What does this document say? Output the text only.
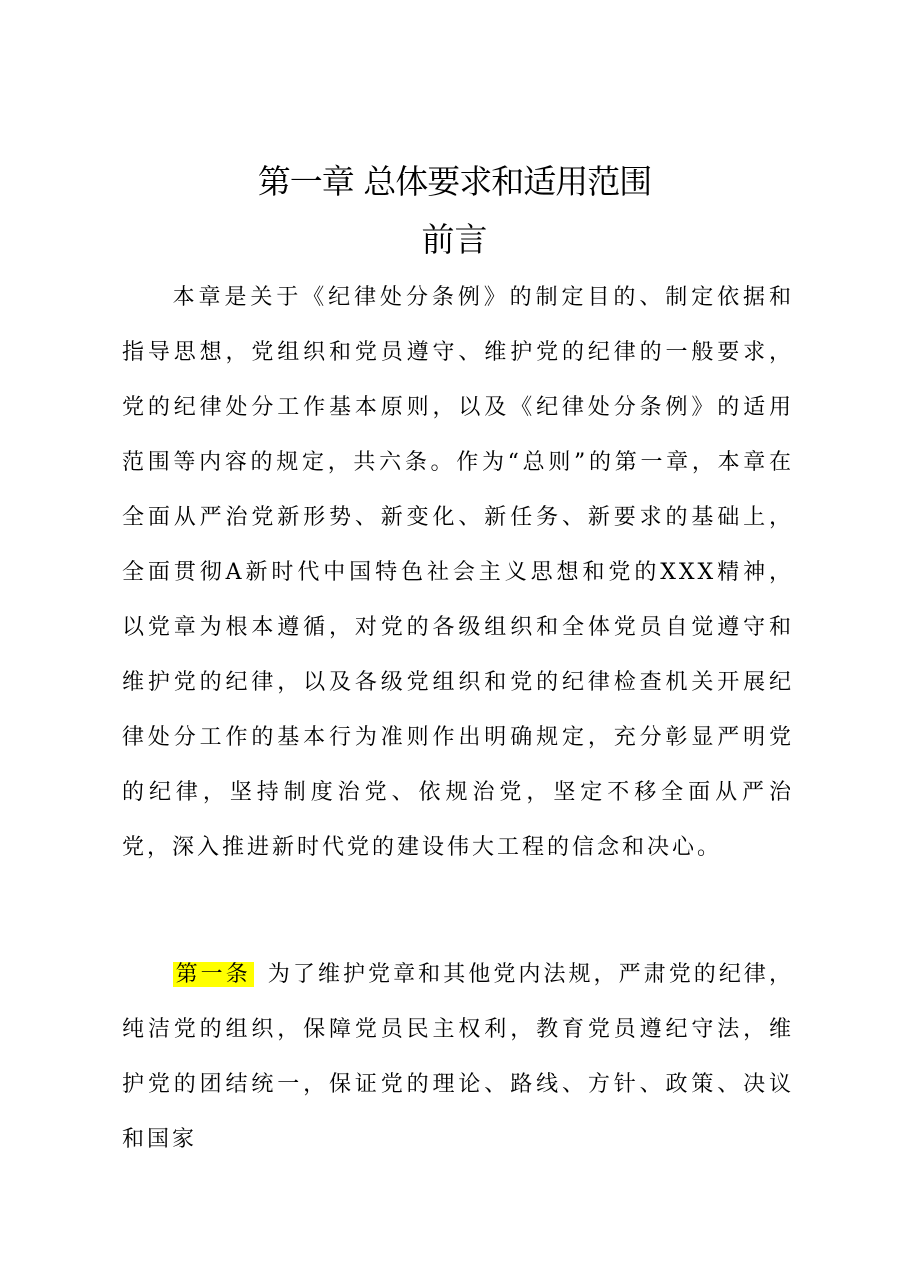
第一章 总体要求和适用范围
前言

本章是关于《纪律处分条例》的制定目的、制定依据和指导思想，党组织和党员遵守、维护党的纪律的一般要求，党的纪律处分工作基本原则，以及《纪律处分条例》的适用范围等内容的规定，共六条。作为“总则”的第一章，本章在全面从严治党新形势、新变化、新任务、新要求的基础上，全面贯彻A新时代中国特色社会主义思想和党的XXX精神，以党章为根本遵循，对党的各级组织和全体党员自觉遵守和维护党的纪律，以及各级党组织和党的纪律检查机关开展纪律处分工作的基本行为准则作出明确规定，充分彰显严明党的纪律，坚持制度治党、依规治党，坚定不移全面从严治党，深入推进新时代党的建设伟大工程的信念和决心。

第一条 为了维护党章和其他党内法规，严肃党的纪律，纯洁党的组织，保障党员民主权利，教育党员遵纪守法，维护党的团结统一，保证党的理论、路线、方针、政策、决议和国家
